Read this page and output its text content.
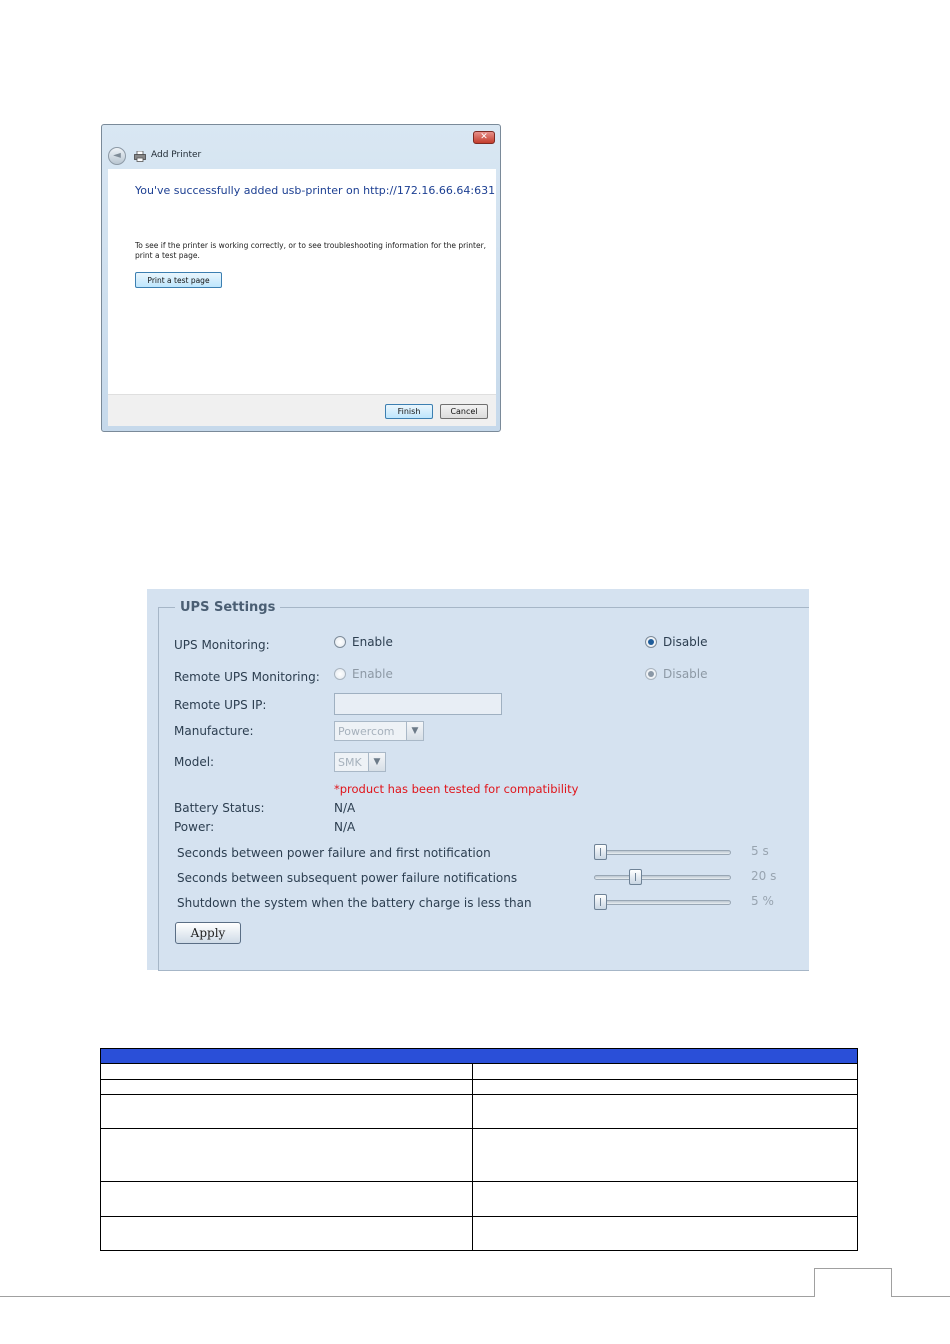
✕
◄	Add Printer
You've successfully added usb-printer on http://172.16.66.64:631
To see if the printer is working correctly, or to see troubleshooting information for the printer, print a test page.
Print a test page
Finish	Cancel
UPS Settings
UPS Monitoring:	Enable	Disable
Remote UPS Monitoring:	Enable	Disable
Remote UPS IP:
Manufacture:	Powercom	▼
Model:	SMK	▼
*product has been tested for compatibility
Battery Status:	N/A
Power:	N/A
Seconds between power failure and first notification	5 s
Seconds between subsequent power failure notifications	20 s
Shutdown the system when the battery charge is less than	5 %
Apply
